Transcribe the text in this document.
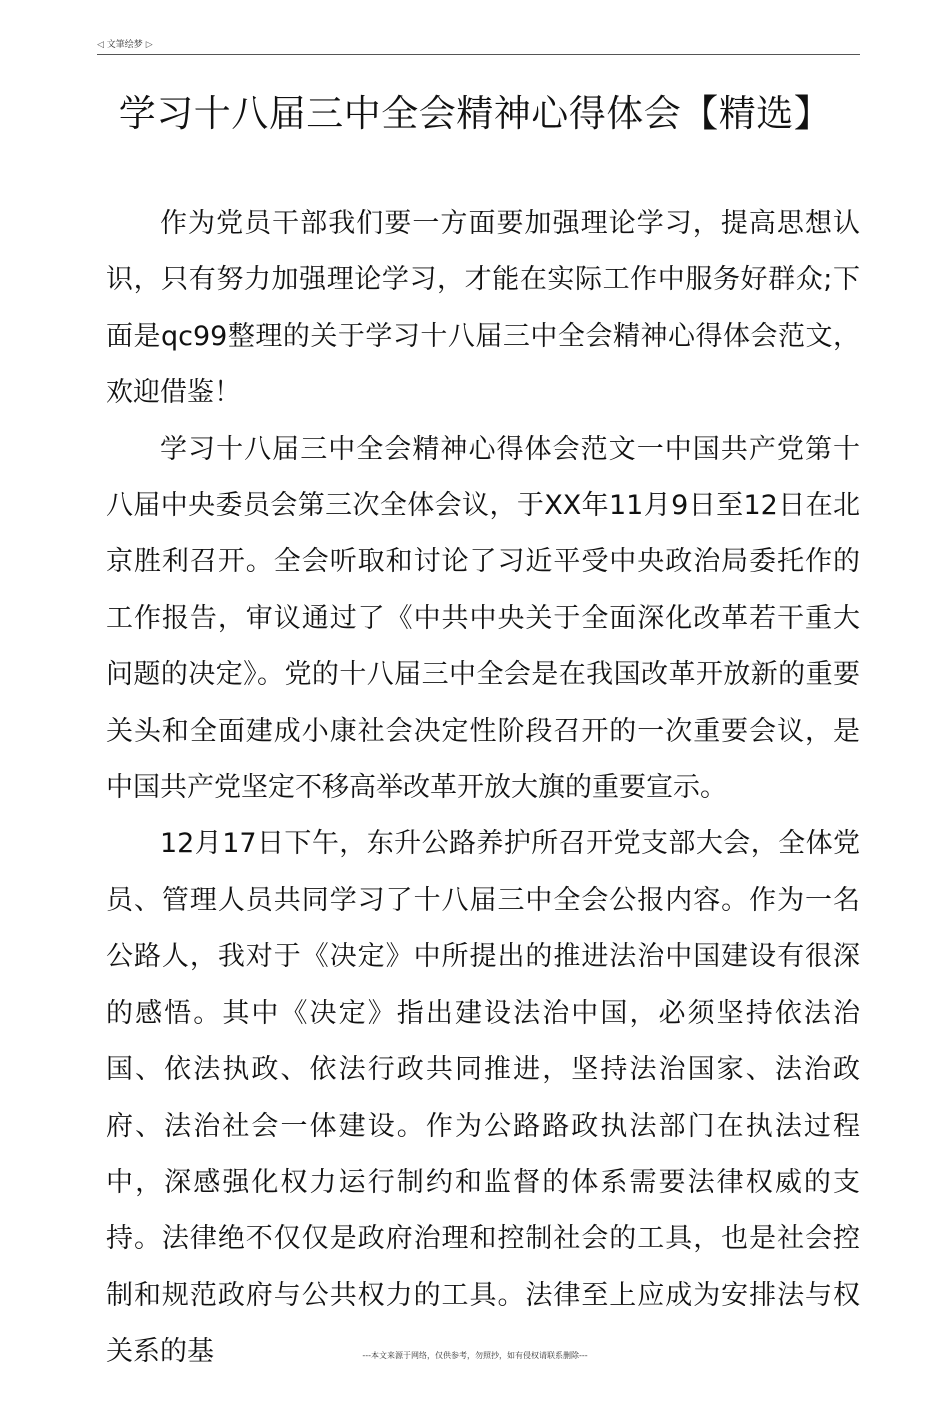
◁ 文筆绘梦 ▷
学习十八届三中全会精神心得体会【精选】

作为党员干部我们要一方面要加强理论学习，提高思想认识，只有努力加强理论学习，才能在实际工作中服务好群众;下面是qc99整理的关于学习十八届三中全会精神心得体会范文，欢迎借鉴！

学习十八届三中全会精神心得体会范文一中国共产党第十八届中央委员会第三次全体会议，于XX年11月9日至12日在北京胜利召开。全会听取和讨论了习近平受中央政治局委托作的工作报告，审议通过了《中共中央关于全面深化改革若干重大问题的决定》。党的十八届三中全会是在我国改革开放新的重要关头和全面建成小康社会决定性阶段召开的一次重要会议，是中国共产党坚定不移高举改革开放大旗的重要宣示。

12月17日下午，东升公路养护所召开党支部大会，全体党员、管理人员共同学习了十八届三中全会公报内容。作为一名公路人，我对于《决定》中所提出的推进法治中国建设有很深的感悟。其中《决定》指出建设法治中国，必须坚持依法治国、依法执政、依法行政共同推进，坚持法治国家、法治政府、法治社会一体建设。作为公路路政执法部门在执法过程中，深感强化权力运行制约和监督的体系需要法律权威的支持。法律绝不仅仅是政府治理和控制社会的工具，也是社会控制和规范政府与公共权力的工具。法律至上应成为安排法与权关系的基	---本文来源于网络，仅供参考，勿照抄，如有侵权请联系删除---
